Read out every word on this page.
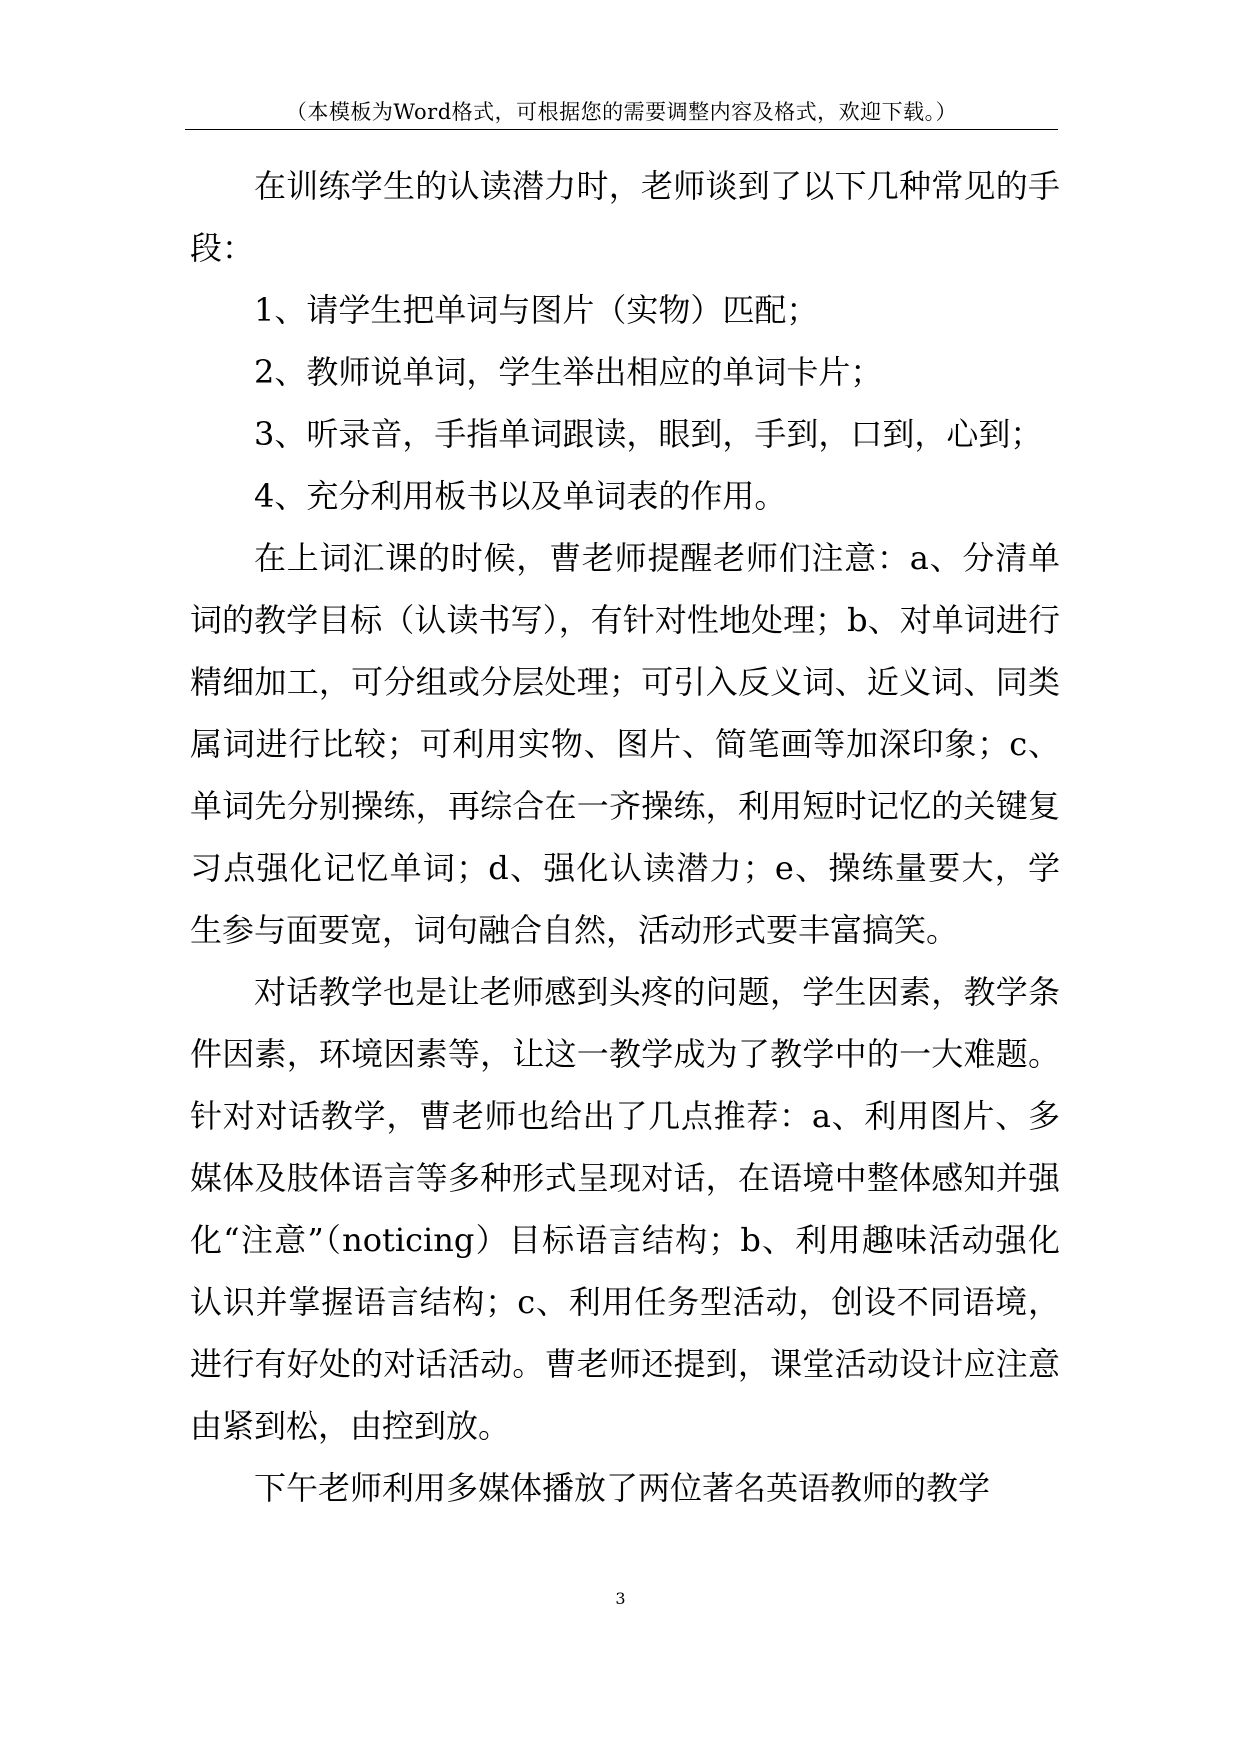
（本模板为Word格式，可根据您的需要调整内容及格式，欢迎下载。）

在训练学生的认读潜力时，老师谈到了以下几种常见的手段：

1、请学生把单词与图片（实物）匹配；

2、教师说单词，学生举出相应的单词卡片；

3、听录音，手指单词跟读，眼到，手到，口到，心到；

4、充分利用板书以及单词表的作用。

在上词汇课的时候，曹老师提醒老师们注意：a、分清单词的教学目标（认读书写），有针对性地处理；b、对单词进行精细加工，可分组或分层处理；可引入反义词、近义词、同类属词进行比较；可利用实物、图片、简笔画等加深印象；c、单词先分别操练，再综合在一齐操练，利用短时记忆的关键复习点强化记忆单词；d、强化认读潜力；e、操练量要大，学生参与面要宽，词句融合自然，活动形式要丰富搞笑。

对话教学也是让老师感到头疼的问题，学生因素，教学条件因素，环境因素等，让这一教学成为了教学中的一大难题。针对对话教学，曹老师也给出了几点推荐：a、利用图片、多媒体及肢体语言等多种形式呈现对话，在语境中整体感知并强化“注意”（noticing）目标语言结构；b、利用趣味活动强化认识并掌握语言结构；c、利用任务型活动，创设不同语境，进行有好处的对话活动。曹老师还提到，课堂活动设计应注意由紧到松，由控到放。

下午老师利用多媒体播放了两位著名英语教师的教学

3
